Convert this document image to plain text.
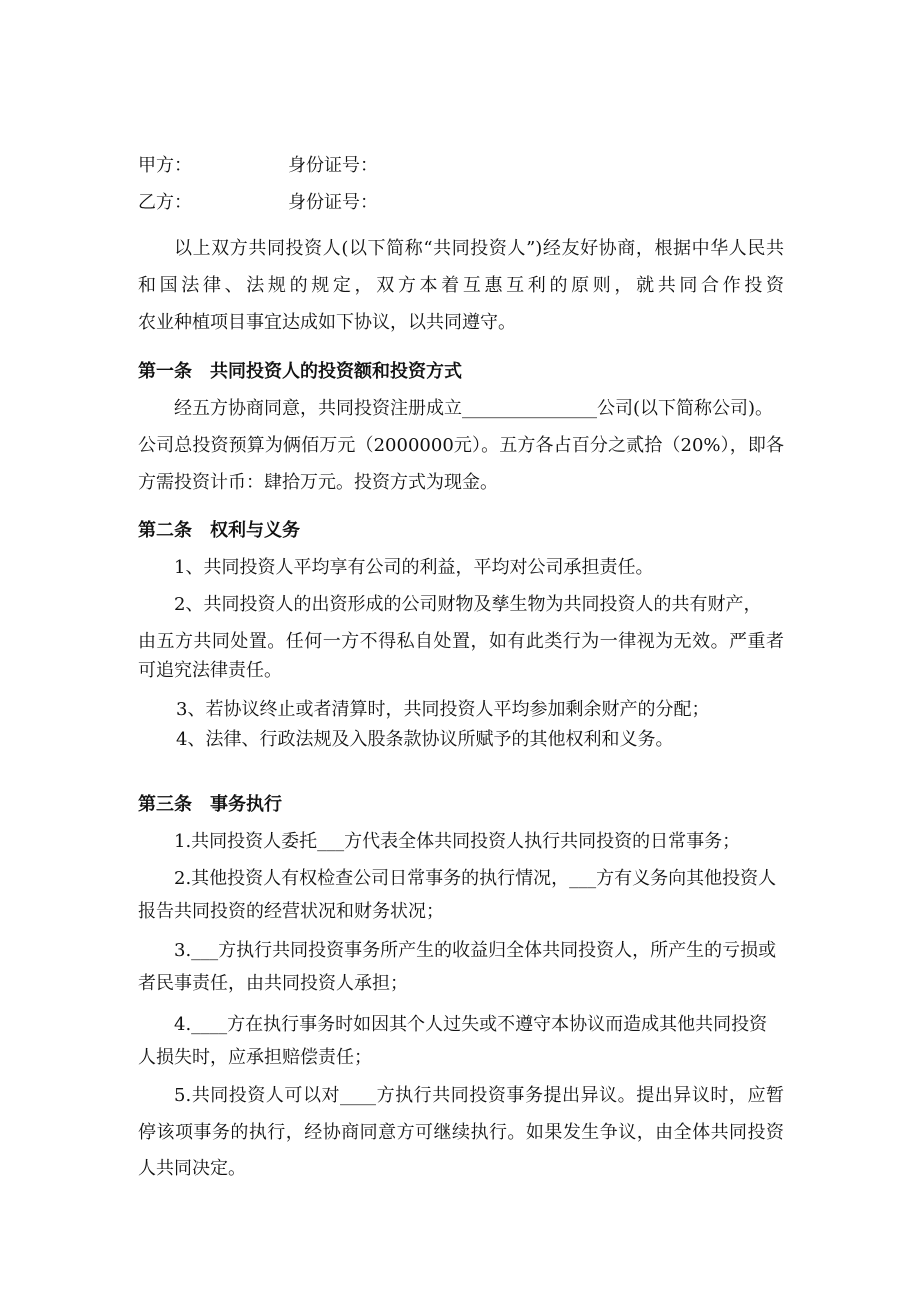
甲方：	身份证号：
乙方：	身份证号：
以上双方共同投资人(以下简称“共同投资人”)经友好协商，根据中华人民共
和国法律、法规的规定，双方本着互惠互利的原则，就共同合作投资
农业种植项目事宜达成如下协议，以共同遵守。
第一条　共同投资人的投资额和投资方式
经五方协商同意，共同投资注册成立_______________公司(以下简称公司)。
公司总投资预算为俩佰万元（2000000元）。五方各占百分之贰拾（20%），即各
方需投资计币：肆拾万元。投资方式为现金。
第二条　权利与义务
1、共同投资人平均享有公司的利益，平均对公司承担责任。
2、共同投资人的出资形成的公司财物及孳生物为共同投资人的共有财产，
由五方共同处置。任何一方不得私自处置，如有此类行为一律视为无效。严重者
可追究法律责任。
3、若协议终止或者清算时，共同投资人平均参加剩余财产的分配；
4、法律、行政法规及入股条款协议所赋予的其他权利和义务。
第三条　事务执行
1.共同投资人委托___方代表全体共同投资人执行共同投资的日常事务；
2.其他投资人有权检查公司日常事务的执行情况，___方有义务向其他投资人
报告共同投资的经营状况和财务状况；
3.___方执行共同投资事务所产生的收益归全体共同投资人，所产生的亏损或
者民事责任，由共同投资人承担；
4.____方在执行事务时如因其个人过失或不遵守本协议而造成其他共同投资
人损失时，应承担赔偿责任；
5.共同投资人可以对____方执行共同投资事务提出异议。提出异议时，应暂
停该项事务的执行，经协商同意方可继续执行。如果发生争议，由全体共同投资
人共同决定。
